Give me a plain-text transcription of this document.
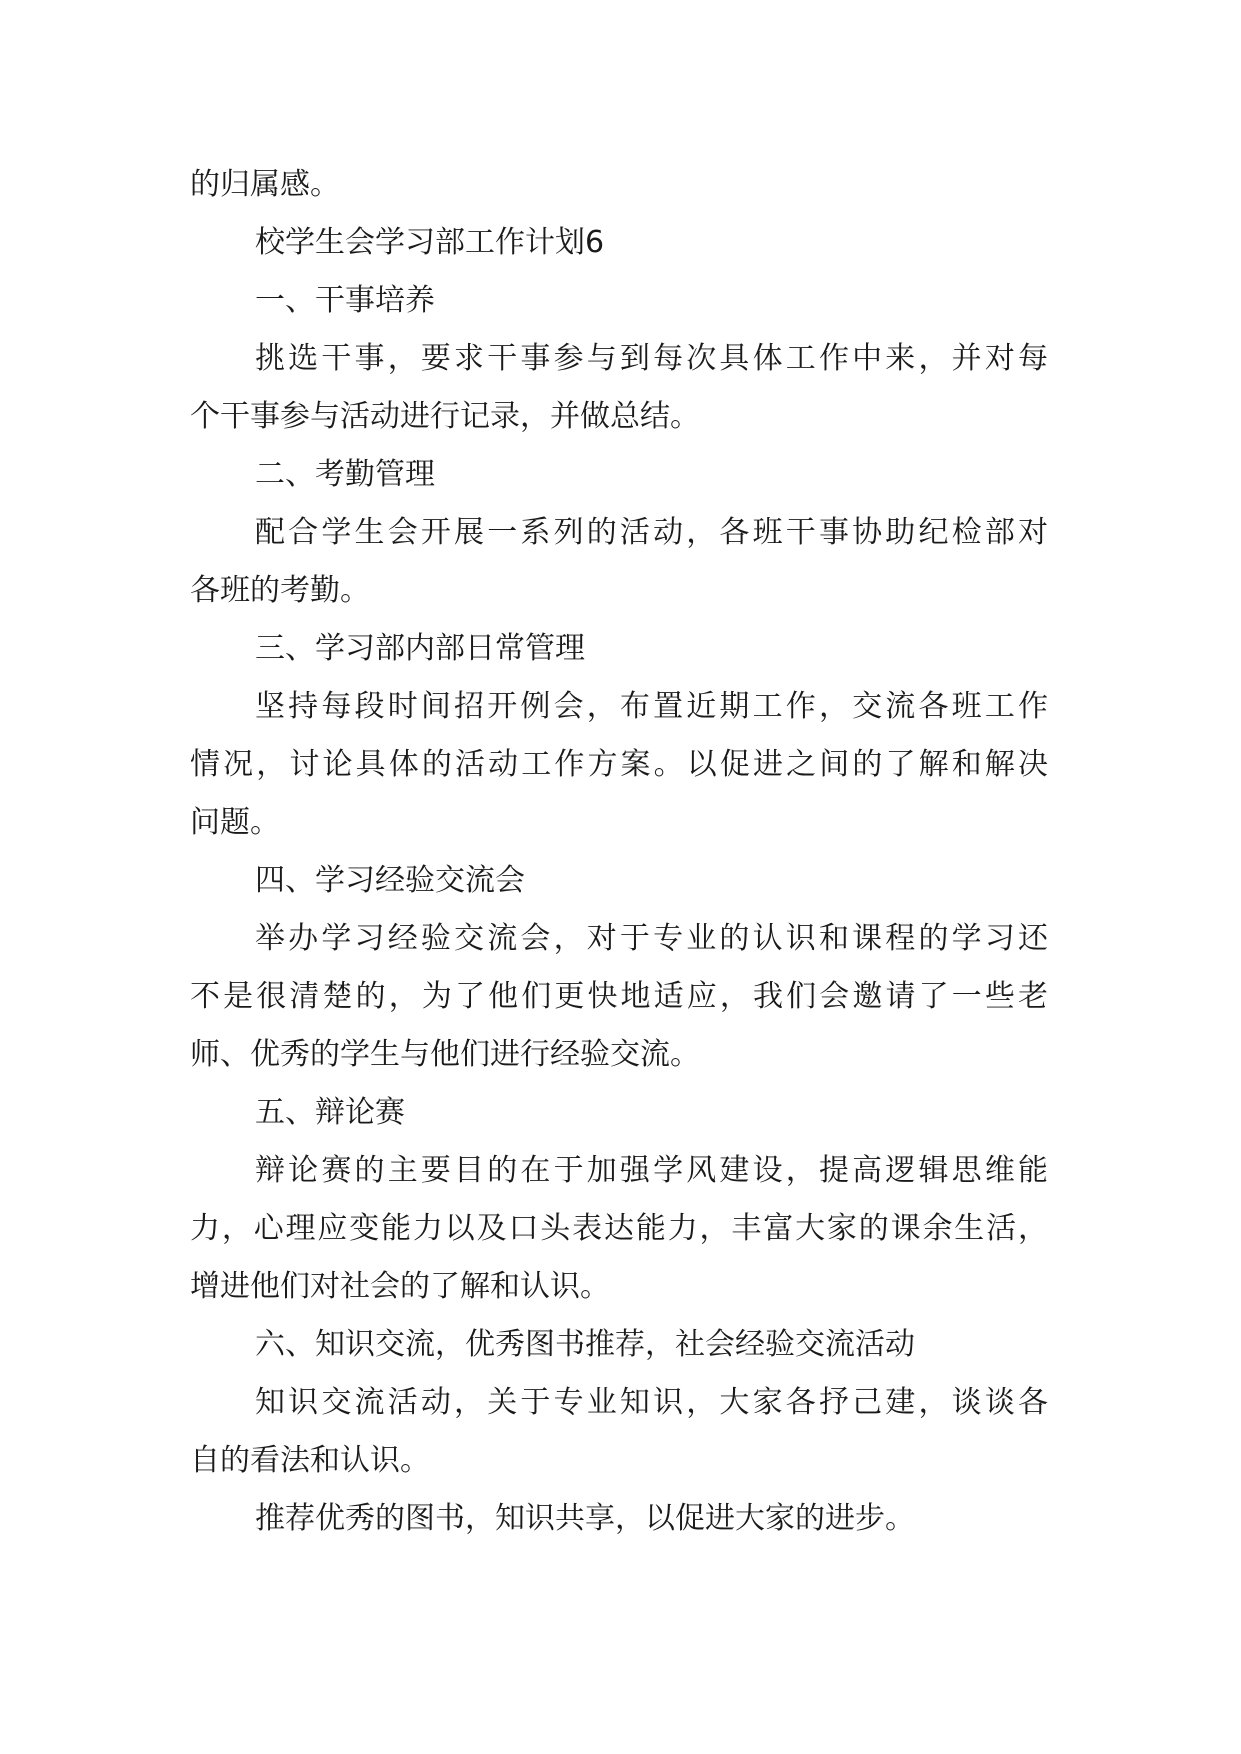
的归属感。
校学生会学习部工作计划6
一、干事培养
挑选干事，要求干事参与到每次具体工作中来，并对每
个干事参与活动进行记录，并做总结。
二、考勤管理
配合学生会开展一系列的活动，各班干事协助纪检部对
各班的考勤。
三、学习部内部日常管理
坚持每段时间招开例会，布置近期工作，交流各班工作
情况，讨论具体的活动工作方案。以促进之间的了解和解决
问题。
四、学习经验交流会
举办学习经验交流会，对于专业的认识和课程的学习还
不是很清楚的，为了他们更快地适应，我们会邀请了一些老
师、优秀的学生与他们进行经验交流。
五、辩论赛
辩论赛的主要目的在于加强学风建设，提高逻辑思维能
力，心理应变能力以及口头表达能力，丰富大家的课余生活，
增进他们对社会的了解和认识。
六、知识交流，优秀图书推荐，社会经验交流活动
知识交流活动，关于专业知识，大家各抒己建，谈谈各
自的看法和认识。
推荐优秀的图书，知识共享，以促进大家的进步。
